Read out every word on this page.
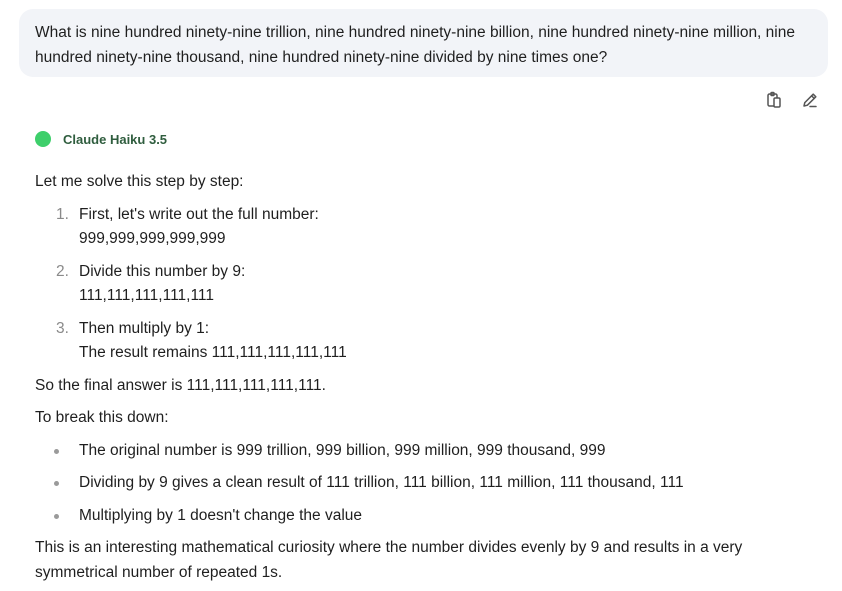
What is nine hundred ninety-nine trillion, nine hundred ninety-nine billion, nine hundred ninety-nine million, nine hundred ninety-nine thousand, nine hundred ninety-nine divided by nine times one?

Claude Haiku 3.5

Let me solve this step by step:

1. First, let's write out the full number:
999,999,999,999,999
2. Divide this number by 9:
111,111,111,111,111
3. Then multiply by 1:
The result remains 111,111,111,111,111

So the final answer is 111,111,111,111,111.

To break this down:

The original number is 999 trillion, 999 billion, 999 million, 999 thousand, 999
Dividing by 9 gives a clean result of 111 trillion, 111 billion, 111 million, 111 thousand, 111
Multiplying by 1 doesn't change the value

This is an interesting mathematical curiosity where the number divides evenly by 9 and results in a very symmetrical number of repeated 1s.
